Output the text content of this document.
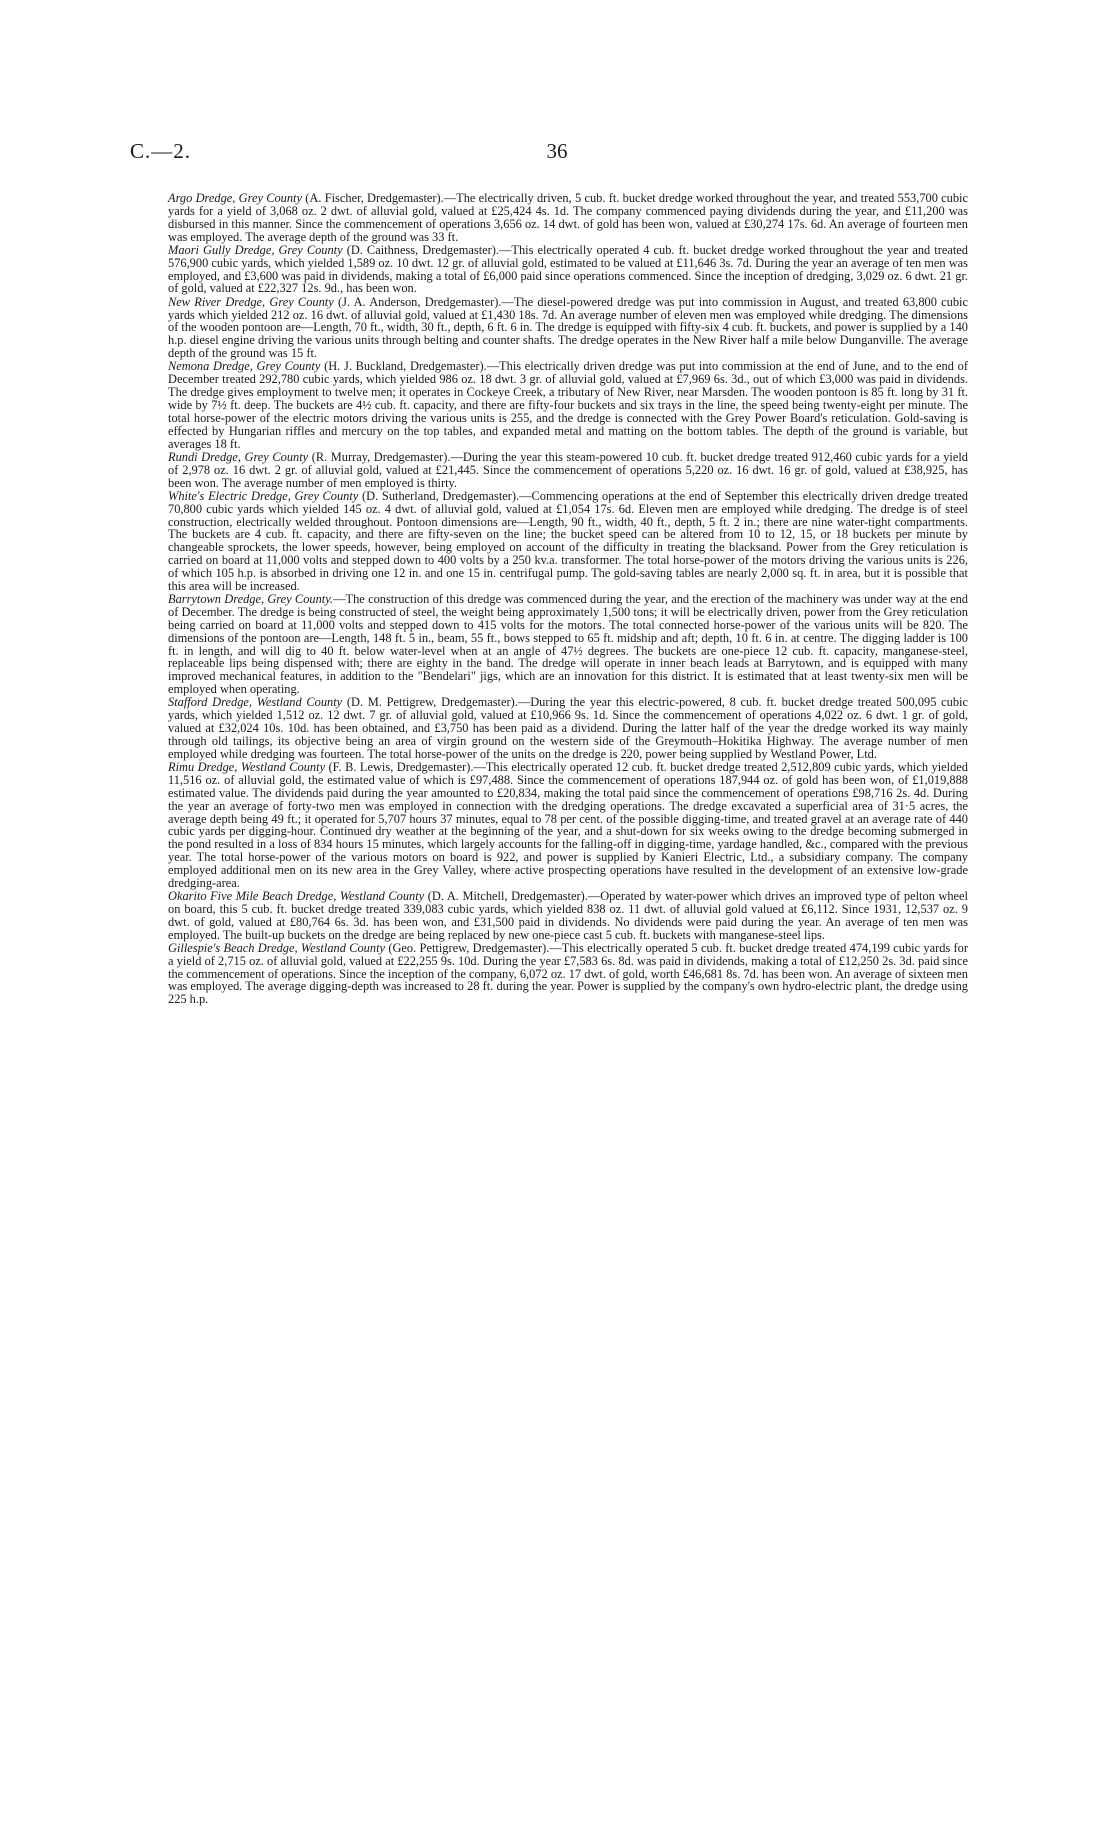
C.—2.	36

Argo Dredge, Grey County (A. Fischer, Dredgemaster).—The electrically driven, 5 cub. ft. bucket dredge worked throughout the year, and treated 553,700 cubic yards for a yield of 3,068 oz. 2 dwt. of alluvial gold, valued at £25,424 4s. 1d. The company commenced paying dividends during the year, and £11,200 was disbursed in this manner. Since the commencement of operations 3,656 oz. 14 dwt. of gold has been won, valued at £30,274 17s. 6d. An average of fourteen men was employed. The average depth of the ground was 33 ft.

Maori Gully Dredge, Grey County (D. Caithness, Dredgemaster).—This electrically operated 4 cub. ft. bucket dredge worked throughout the year and treated 576,900 cubic yards, which yielded 1,589 oz. 10 dwt. 12 gr. of alluvial gold, estimated to be valued at £11,646 3s. 7d. During the year an average of ten men was employed, and £3,600 was paid in dividends, making a total of £6,000 paid since operations commenced. Since the inception of dredging, 3,029 oz. 6 dwt. 21 gr. of gold, valued at £22,327 12s. 9d., has been won.

New River Dredge, Grey County (J. A. Anderson, Dredgemaster).—The diesel-powered dredge was put into commission in August, and treated 63,800 cubic yards which yielded 212 oz. 16 dwt. of alluvial gold, valued at £1,430 18s. 7d. An average number of eleven men was employed while dredging. The dimensions of the wooden pontoon are—Length, 70 ft., width, 30 ft., depth, 6 ft. 6 in. The dredge is equipped with fifty-six 4 cub. ft. buckets, and power is supplied by a 140 h.p. diesel engine driving the various units through belting and counter shafts. The dredge operates in the New River half a mile below Dunganville. The average depth of the ground was 15 ft.

Nemona Dredge, Grey County (H. J. Buckland, Dredgemaster).—This electrically driven dredge was put into commission at the end of June, and to the end of December treated 292,780 cubic yards, which yielded 986 oz. 18 dwt. 3 gr. of alluvial gold, valued at £7,969 6s. 3d., out of which £3,000 was paid in dividends. The dredge gives employment to twelve men; it operates in Cockeye Creek, a tributary of New River, near Marsden. The wooden pontoon is 85 ft. long by 31 ft. wide by 7½ ft. deep. The buckets are 4½ cub. ft. capacity, and there are fifty-four buckets and six trays in the line, the speed being twenty-eight per minute. The total horse-power of the electric motors driving the various units is 255, and the dredge is connected with the Grey Power Board's reticulation. Gold-saving is effected by Hungarian riffles and mercury on the top tables, and expanded metal and matting on the bottom tables. The depth of the ground is variable, but averages 18 ft.

Rundi Dredge, Grey County (R. Murray, Dredgemaster).—During the year this steam-powered 10 cub. ft. bucket dredge treated 912,460 cubic yards for a yield of 2,978 oz. 16 dwt. 2 gr. of alluvial gold, valued at £21,445. Since the commencement of operations 5,220 oz. 16 dwt. 16 gr. of gold, valued at £38,925, has been won. The average number of men employed is thirty.

White's Electric Dredge, Grey County (D. Sutherland, Dredgemaster).—Commencing operations at the end of September this electrically driven dredge treated 70,800 cubic yards which yielded 145 oz. 4 dwt. of alluvial gold, valued at £1,054 17s. 6d. Eleven men are employed while dredging. The dredge is of steel construction, electrically welded throughout. Pontoon dimensions are—Length, 90 ft., width, 40 ft., depth, 5 ft. 2 in.; there are nine water-tight compartments. The buckets are 4 cub. ft. capacity, and there are fifty-seven on the line; the bucket speed can be altered from 10 to 12, 15, or 18 buckets per minute by changeable sprockets, the lower speeds, however, being employed on account of the difficulty in treating the blacksand. Power from the Grey reticulation is carried on board at 11,000 volts and stepped down to 400 volts by a 250 kv.a. transformer. The total horse-power of the motors driving the various units is 226, of which 105 h.p. is absorbed in driving one 12 in. and one 15 in. centrifugal pump. The gold-saving tables are nearly 2,000 sq. ft. in area, but it is possible that this area will be increased.

Barrytown Dredge, Grey County.—The construction of this dredge was commenced during the year, and the erection of the machinery was under way at the end of December. The dredge is being constructed of steel, the weight being approximately 1,500 tons; it will be electrically driven, power from the Grey reticulation being carried on board at 11,000 volts and stepped down to 415 volts for the motors. The total connected horse-power of the various units will be 820. The dimensions of the pontoon are—Length, 148 ft. 5 in., beam, 55 ft., bows stepped to 65 ft. midship and aft; depth, 10 ft. 6 in. at centre. The digging ladder is 100 ft. in length, and will dig to 40 ft. below water-level when at an angle of 47½ degrees. The buckets are one-piece 12 cub. ft. capacity, manganese-steel, replaceable lips being dispensed with; there are eighty in the band. The dredge will operate in inner beach leads at Barrytown, and is equipped with many improved mechanical features, in addition to the "Bendelari" jigs, which are an innovation for this district. It is estimated that at least twenty-six men will be employed when operating.

Stafford Dredge, Westland County (D. M. Pettigrew, Dredgemaster).—During the year this electric-powered, 8 cub. ft. bucket dredge treated 500,095 cubic yards, which yielded 1,512 oz. 12 dwt. 7 gr. of alluvial gold, valued at £10,966 9s. 1d. Since the commencement of operations 4,022 oz. 6 dwt. 1 gr. of gold, valued at £32,024 10s. 10d. has been obtained, and £3,750 has been paid as a dividend. During the latter half of the year the dredge worked its way mainly through old tailings, its objective being an area of virgin ground on the western side of the Greymouth–Hokitika Highway. The average number of men employed while dredging was fourteen. The total horse-power of the units on the dredge is 220, power being supplied by Westland Power, Ltd.

Rimu Dredge, Westland County (F. B. Lewis, Dredgemaster).—This electrically operated 12 cub. ft. bucket dredge treated 2,512,809 cubic yards, which yielded 11,516 oz. of alluvial gold, the estimated value of which is £97,488. Since the commencement of operations 187,944 oz. of gold has been won, of £1,019,888 estimated value. The dividends paid during the year amounted to £20,834, making the total paid since the commencement of operations £98,716 2s. 4d. During the year an average of forty-two men was employed in connection with the dredging operations. The dredge excavated a superficial area of 31·5 acres, the average depth being 49 ft.; it operated for 5,707 hours 37 minutes, equal to 78 per cent. of the possible digging-time, and treated gravel at an average rate of 440 cubic yards per digging-hour. Continued dry weather at the beginning of the year, and a shut-down for six weeks owing to the dredge becoming submerged in the pond resulted in a loss of 834 hours 15 minutes, which largely accounts for the falling-off in digging-time, yardage handled, &c., compared with the previous year. The total horse-power of the various motors on board is 922, and power is supplied by Kanieri Electric, Ltd., a subsidiary company. The company employed additional men on its new area in the Grey Valley, where active prospecting operations have resulted in the development of an extensive low-grade dredging-area.

Okarito Five Mile Beach Dredge, Westland County (D. A. Mitchell, Dredgemaster).—Operated by water-power which drives an improved type of pelton wheel on board, this 5 cub. ft. bucket dredge treated 339,083 cubic yards, which yielded 838 oz. 11 dwt. of alluvial gold valued at £6,112. Since 1931, 12,537 oz. 9 dwt. of gold, valued at £80,764 6s. 3d. has been won, and £31,500 paid in dividends. No dividends were paid during the year. An average of ten men was employed. The built-up buckets on the dredge are being replaced by new one-piece cast 5 cub. ft. buckets with manganese-steel lips.

Gillespie's Beach Dredge, Westland County (Geo. Pettigrew, Dredgemaster).—This electrically operated 5 cub. ft. bucket dredge treated 474,199 cubic yards for a yield of 2,715 oz. of alluvial gold, valued at £22,255 9s. 10d. During the year £7,583 6s. 8d. was paid in dividends, making a total of £12,250 2s. 3d. paid since the commencement of operations. Since the inception of the company, 6,072 oz. 17 dwt. of gold, worth £46,681 8s. 7d. has been won. An average of sixteen men was employed. The average digging-depth was increased to 28 ft. during the year. Power is supplied by the company's own hydro-electric plant, the dredge using 225 h.p.
